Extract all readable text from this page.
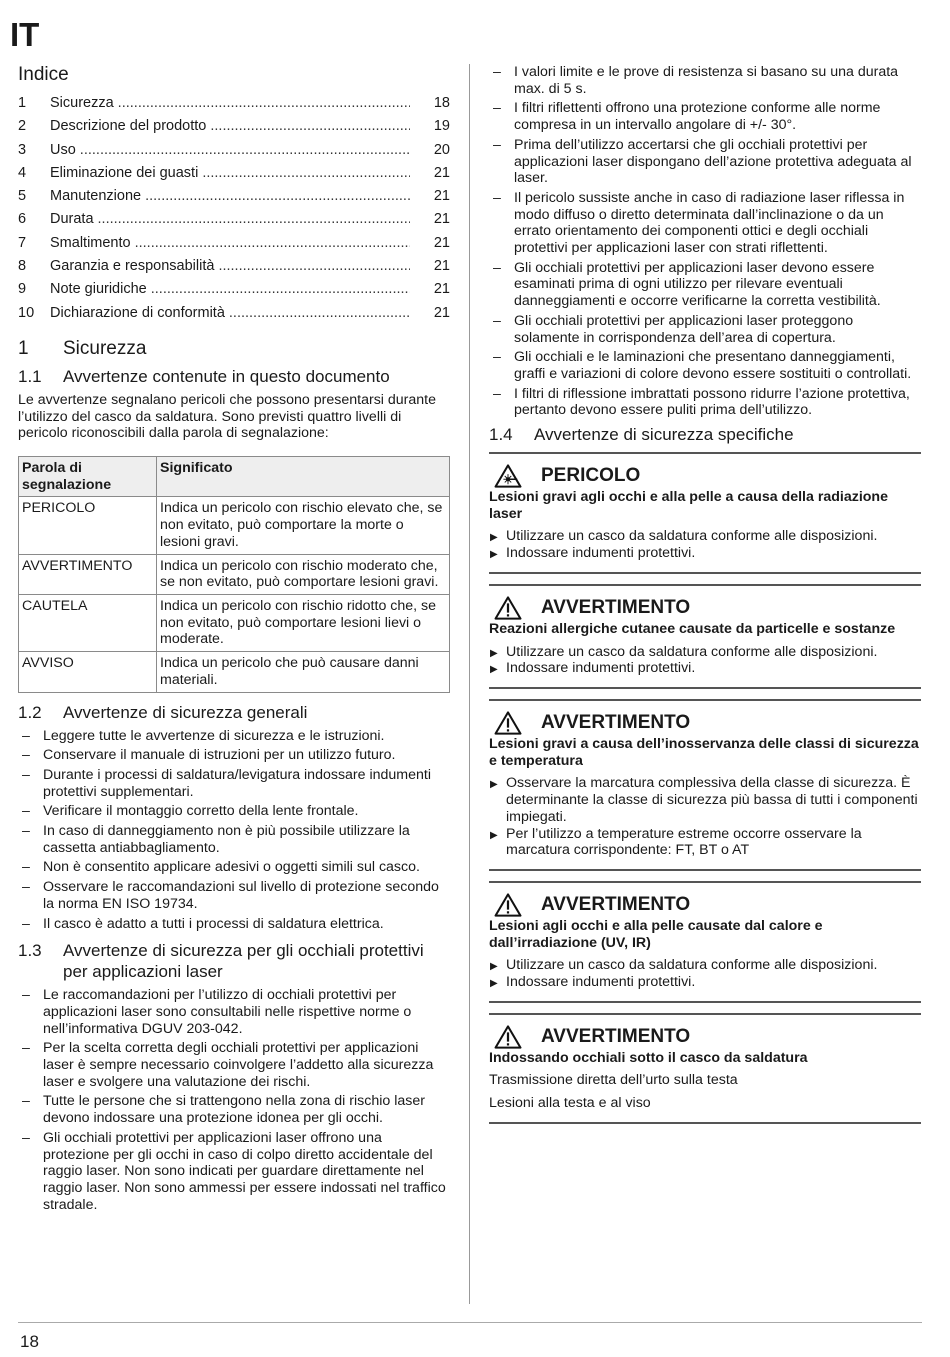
IT
Indice
1	Sicurezza .....	18
2	Descrizione del prodotto .....	19
3	Uso .....	20
4	Eliminazione dei guasti .....	21
5	Manutenzione .....	21
6	Durata .....	21
7	Smaltimento .....	21
8	Garanzia e responsabilità .....	21
9	Note giuridiche .....	21
10	Dichiarazione di conformità .....	21
1	Sicurezza
1.1	Avvertenze contenute in questo documento
Le avvertenze segnalano pericoli che possono presentarsi durante l’utilizzo del casco da saldatura. Sono previsti quattro livelli di pericolo riconoscibili dalla parola di segnalazione:
Parola di segnalazione	Significato
PERICOLO	Indica un pericolo con rischio elevato che, se non evitato, può comportare la morte o lesioni gravi.
AVVERTIMENTO	Indica un pericolo con rischio moderato che, se non evitato, può comportare lesioni gravi.
CAUTELA	Indica un pericolo con rischio ridotto che, se non evitato, può comportare lesioni lievi o moderate.
AVVISO	Indica un pericolo che può causare danni materiali.
1.2	Avvertenze di sicurezza generali
– Leggere tutte le avvertenze di sicurezza e le istruzioni.
– Conservare il manuale di istruzioni per un utilizzo futuro.
– Durante i processi di saldatura/levigatura indossare indumenti protettivi supplementari.
– Verificare il montaggio corretto della lente frontale.
– In caso di danneggiamento non è più possibile utilizzare la cassetta antiabbagliamento.
– Non è consentito applicare adesivi o oggetti simili sul casco.
– Osservare le raccomandazioni sul livello di protezione secondo la norma EN ISO 19734.
– Il casco è adatto a tutti i processi di saldatura elettrica.
1.3	Avvertenze di sicurezza per gli occhiali protettivi per applicazioni laser
– Le raccomandazioni per l’utilizzo di occhiali protettivi per applicazioni laser sono consultabili nelle rispettive norme o nell’informativa DGUV 203-042.
– Per la scelta corretta degli occhiali protettivi per applicazioni laser è sempre necessario coinvolgere l’addetto alla sicurezza laser e svolgere una valutazione dei rischi.
– Tutte le persone che si trattengono nella zona di rischio laser devono indossare una protezione idonea per gli occhi.
– Gli occhiali protettivi per applicazioni laser offrono una protezione per gli occhi in caso di colpo diretto accidentale del raggio laser. Non sono indicati per guardare direttamente nel raggio laser. Non sono ammessi per essere indossati nel traffico stradale.
– I valori limite e le prove di resistenza si basano su una durata max. di 5 s.
– I filtri riflettenti offrono una protezione conforme alle norme compresa in un intervallo angolare di +/- 30°.
– Prima dell’utilizzo accertarsi che gli occhiali protettivi per applicazioni laser dispongano dell’azione protettiva adeguata al laser.
– Il pericolo sussiste anche in caso di radiazione laser riflessa in modo diffuso o diretto determinata dall’inclinazione o da un errato orientamento dei componenti ottici e degli occhiali protettivi per applicazioni laser con strati riflettenti.
– Gli occhiali protettivi per applicazioni laser devono essere esaminati prima di ogni utilizzo per rilevare eventuali danneggiamenti e occorre verificarne la corretta vestibilità.
– Gli occhiali protettivi per applicazioni laser proteggono solamente in corrispondenza dell’area di copertura.
– Gli occhiali e le laminazioni che presentano danneggiamenti, graffi e variazioni di colore devono essere sostituiti o controllati.
– I filtri di riflessione imbrattati possono ridurre l’azione protettiva, pertanto devono essere puliti prima dell’utilizzo.
1.4	Avvertenze di sicurezza specifiche
PERICOLO
Lesioni gravi agli occhi e alla pelle a causa della radiazione laser
▶ Utilizzare un casco da saldatura conforme alle disposizioni.
▶ Indossare indumenti protettivi.
AVVERTIMENTO
Reazioni allergiche cutanee causate da particelle e sostanze
▶ Utilizzare un casco da saldatura conforme alle disposizioni.
▶ Indossare indumenti protettivi.
AVVERTIMENTO
Lesioni gravi a causa dell’inosservanza delle classi di sicurezza e temperatura
▶ Osservare la marcatura complessiva della classe di sicurezza. È determinante la classe di sicurezza più bassa di tutti i componenti impiegati.
▶ Per l’utilizzo a temperature estreme occorre osservare la marcatura corrispondente: FT, BT o AT
AVVERTIMENTO
Lesioni agli occhi e alla pelle causate dal calore e dall’irradiazione (UV, IR)
▶ Utilizzare un casco da saldatura conforme alle disposizioni.
▶ Indossare indumenti protettivi.
AVVERTIMENTO
Indossando occhiali sotto il casco da saldatura
Trasmissione diretta dell’urto sulla testa
Lesioni alla testa e al viso
18
